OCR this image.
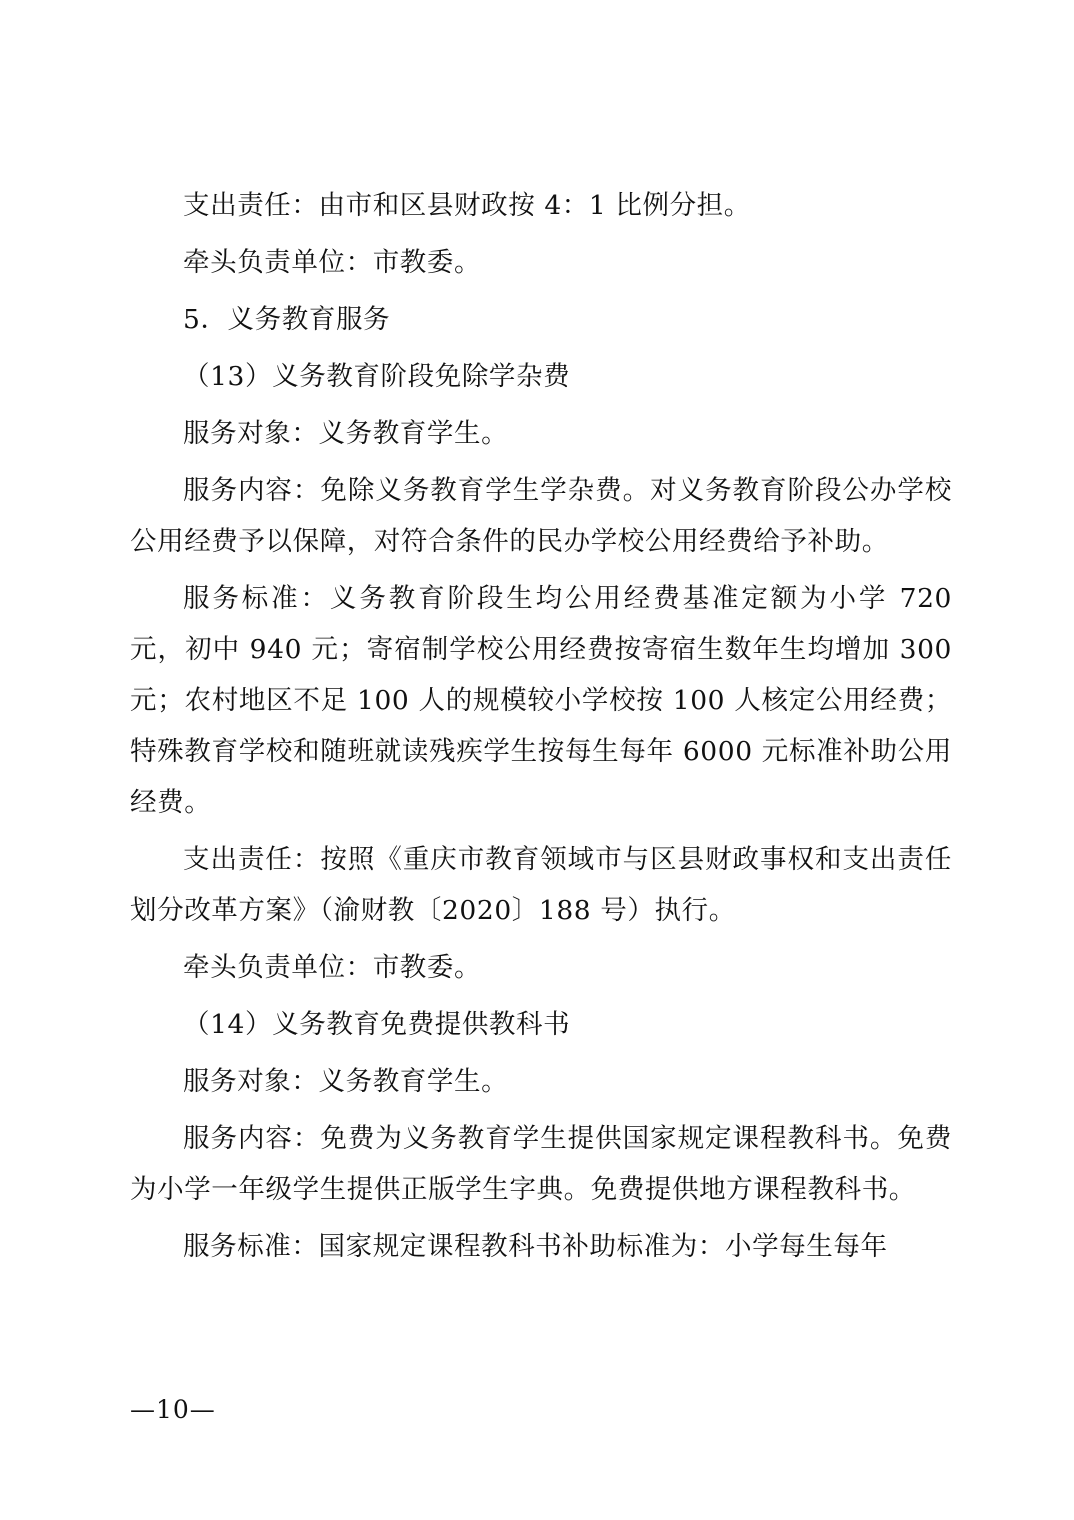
支出责任：由市和区县财政按 4：1 比例分担。

牵头负责单位：市教委。

5．义务教育服务

（13）义务教育阶段免除学杂费

服务对象：义务教育学生。

服务内容：免除义务教育学生学杂费。对义务教育阶段公办学校公用经费予以保障，对符合条件的民办学校公用经费给予补助。

服务标准：义务教育阶段生均公用经费基准定额为小学 720 元，初中 940 元；寄宿制学校公用经费按寄宿生数年生均增加 300 元；农村地区不足 100 人的规模较小学校按 100 人核定公用经费；特殊教育学校和随班就读残疾学生按每生每年 6000 元标准补助公用经费。

支出责任：按照《重庆市教育领域市与区县财政事权和支出责任划分改革方案》（渝财教〔2020〕188 号）执行。

牵头负责单位：市教委。

（14）义务教育免费提供教科书

服务对象：义务教育学生。

服务内容：免费为义务教育学生提供国家规定课程教科书。免费为小学一年级学生提供正版学生字典。免费提供地方课程教科书。

服务标准：国家规定课程教科书补助标准为：小学每生每年

—10—
